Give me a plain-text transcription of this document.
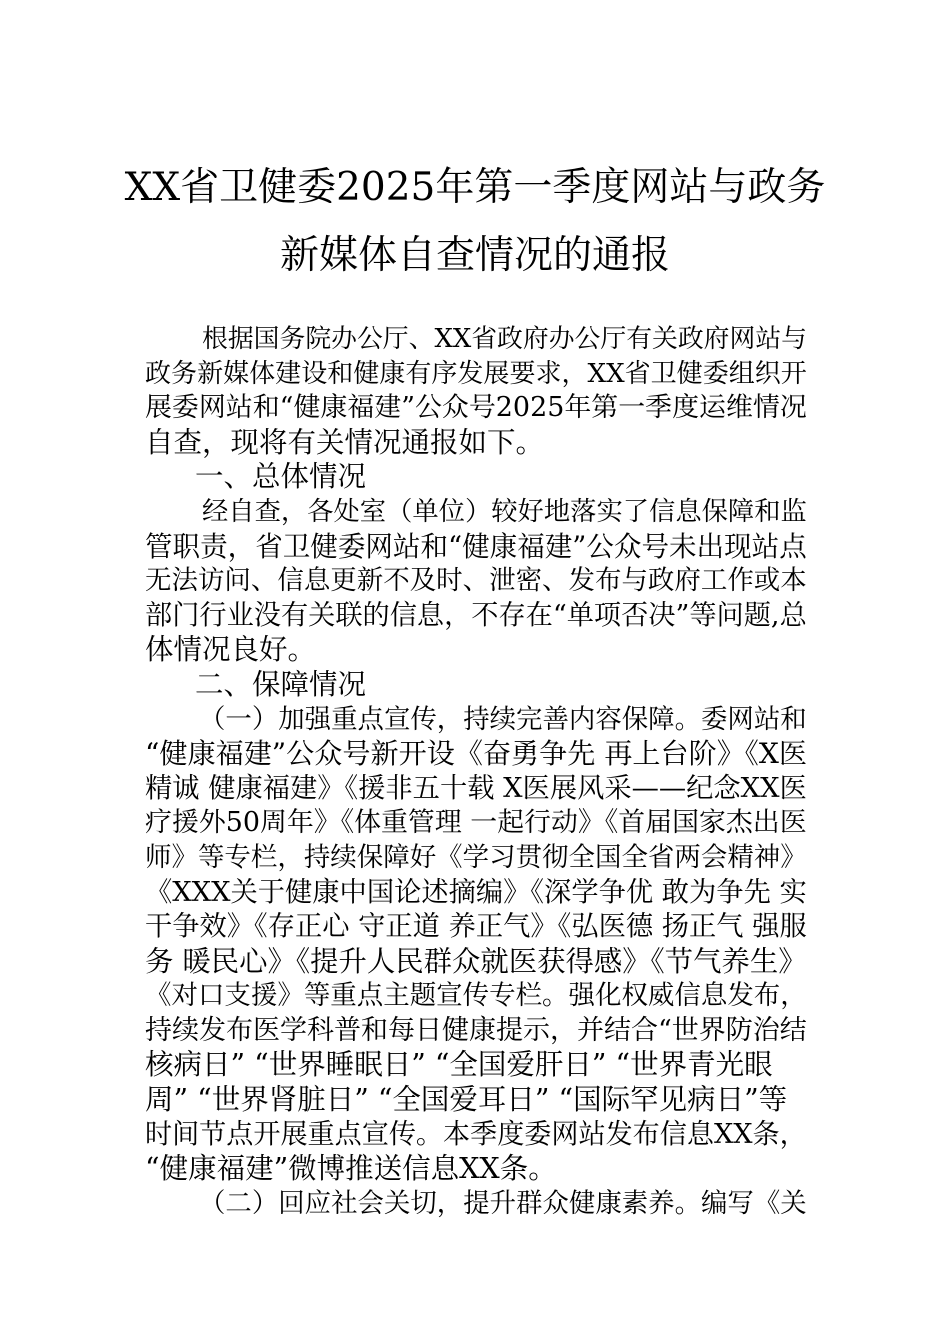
XX省卫健委2025年第一季度网站与政务
新媒体自查情况的通报
根据国务院办公厅、XX省政府办公厅有关政府网站与
政务新媒体建设和健康有序发展要求，XX省卫健委组织开
展委网站和“健康福建”公众号2025年第一季度运维情况
自查，现将有关情况通报如下。
一、总体情况
经自查，各处室（单位）较好地落实了信息保障和监
管职责，省卫健委网站和“健康福建”公众号未出现站点
无法访问、信息更新不及时、泄密、发布与政府工作或本
部门行业没有关联的信息，不存在“单项否决”等问题,总
体情况良好。
二、保障情况
（一）加强重点宣传，持续完善内容保障。委网站和
“健康福建”公众号新开设《奋勇争先 再上台阶》《X医
精诚 健康福建》《援非五十载 X医展风采——纪念XX医
疗援外50周年》《体重管理 一起行动》《首届国家杰出医
师》等专栏，持续保障好《学习贯彻全国全省两会精神》
《XXX关于健康中国论述摘编》《深学争优 敢为争先 实
干争效》《存正心 守正道 养正气》《弘医德 扬正气 强服
务 暖民心》《提升人民群众就医获得感》《节气养生》
《对口支援》等重点主题宣传专栏。强化权威信息发布，
持续发布医学科普和每日健康提示，并结合“世界防治结
核病日” “世界睡眠日” “全国爱肝日” “世界青光眼
周” “世界肾脏日” “全国爱耳日” “国际罕见病日”等
时间节点开展重点宣传。本季度委网站发布信息XX条，
“健康福建”微博推送信息XX条。
（二）回应社会关切，提升群众健康素养。编写《关
